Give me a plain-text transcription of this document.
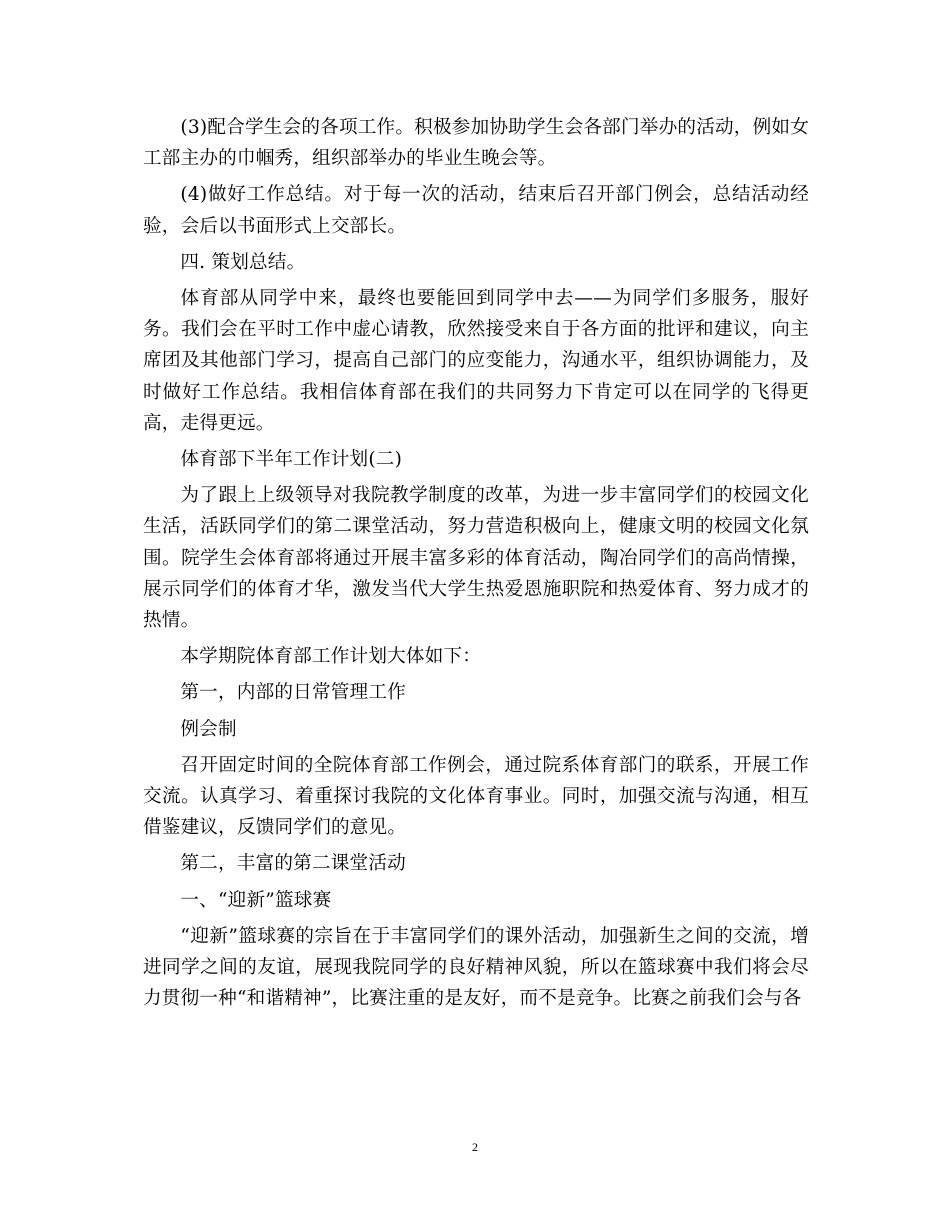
(3)配合学生会的各项工作。积极参加协助学生会各部门举办的活动，例如女工部主办的巾帼秀，组织部举办的毕业生晚会等。

(4)做好工作总结。对于每一次的活动，结束后召开部门例会，总结活动经验，会后以书面形式上交部长。

四. 策划总结。

体育部从同学中来，最终也要能回到同学中去——为同学们多服务，服好务。我们会在平时工作中虚心请教，欣然接受来自于各方面的批评和建议，向主席团及其他部门学习，提高自己部门的应变能力，沟通水平，组织协调能力，及时做好工作总结。我相信体育部在我们的共同努力下肯定可以在同学的飞得更高，走得更远。

体育部下半年工作计划(二)

为了跟上上级领导对我院教学制度的改革，为进一步丰富同学们的校园文化生活，活跃同学们的第二课堂活动，努力营造积极向上，健康文明的校园文化氛围。院学生会体育部将通过开展丰富多彩的体育活动，陶冶同学们的高尚情操，展示同学们的体育才华，激发当代大学生热爱恩施职院和热爱体育、努力成才的热情。

本学期院体育部工作计划大体如下：

第一，内部的日常管理工作

例会制

召开固定时间的全院体育部工作例会，通过院系体育部门的联系，开展工作交流。认真学习、着重探讨我院的文化体育事业。同时，加强交流与沟通，相互借鉴建议，反馈同学们的意见。

第二，丰富的第二课堂活动

一、“迎新”篮球赛

“迎新”篮球赛的宗旨在于丰富同学们的课外活动，加强新生之间的交流，增进同学之间的友谊，展现我院同学的良好精神风貌，所以在篮球赛中我们将会尽力贯彻一种“和谐精神”，比赛注重的是友好，而不是竞争。比赛之前我们会与各

2
